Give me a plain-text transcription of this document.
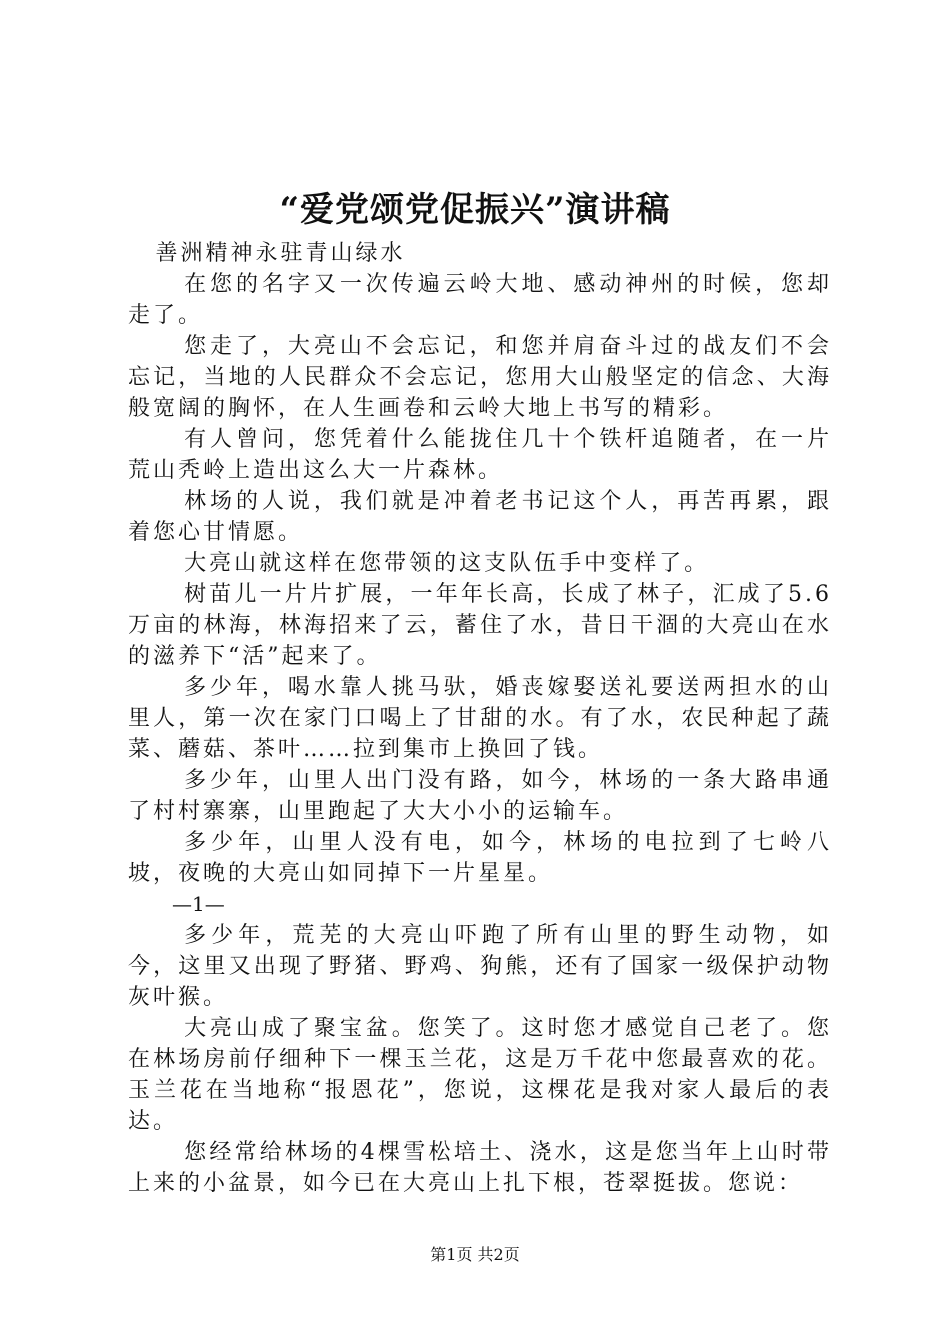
“爱党颂党促振兴”演讲稿

善洲精神永驻青山绿水

在您的名字又一次传遍云岭大地、感动神州的时候，您却走了。

您走了，大亮山不会忘记，和您并肩奋斗过的战友们不会忘记，当地的人民群众不会忘记，您用大山般坚定的信念、大海般宽阔的胸怀，在人生画卷和云岭大地上书写的精彩。

有人曾问，您凭着什么能拢住几十个铁杆追随者，在一片荒山秃岭上造出这么大一片森林。

林场的人说，我们就是冲着老书记这个人，再苦再累，跟着您心甘情愿。

大亮山就这样在您带领的这支队伍手中变样了。

树苗儿一片片扩展，一年年长高，长成了林子，汇成了5.6万亩的林海，林海招来了云，蓄住了水，昔日干涸的大亮山在水的滋养下“活”起来了。

多少年，喝水靠人挑马驮，婚丧嫁娶送礼要送两担水的山里人，第一次在家门口喝上了甘甜的水。有了水，农民种起了蔬菜、蘑菇、茶叶……拉到集市上换回了钱。

多少年，山里人出门没有路，如今，林场的一条大路串通了村村寨寨，山里跑起了大大小小的运输车。

多少年，山里人没有电，如今，林场的电拉到了七岭八坡，夜晚的大亮山如同掉下一片星星。

—1—

多少年，荒芜的大亮山吓跑了所有山里的野生动物，如今，这里又出现了野猪、野鸡、狗熊，还有了国家一级保护动物灰叶猴。

大亮山成了聚宝盆。您笑了。这时您才感觉自己老了。您在林场房前仔细种下一棵玉兰花，这是万千花中您最喜欢的花。玉兰花在当地称“报恩花”，您说，这棵花是我对家人最后的表达。

您经常给林场的4棵雪松培土、浇水，这是您当年上山时带上来的小盆景，如今已在大亮山上扎下根，苍翠挺拔。您说：

第1页 共2页
